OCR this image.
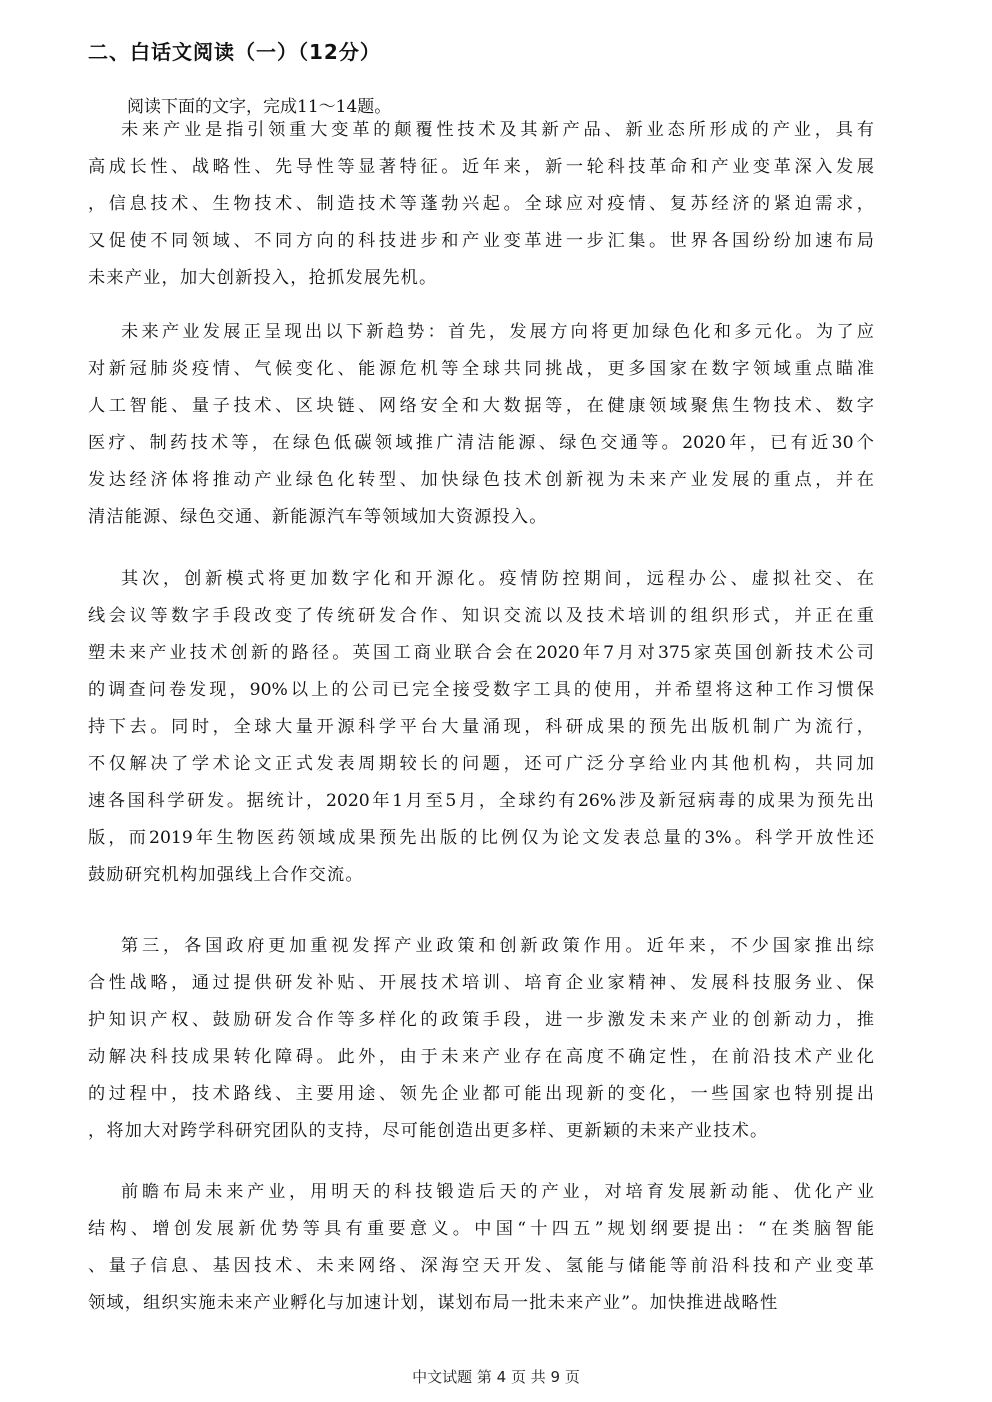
二、白话文阅读（一）（12分）
阅读下面的文字，完成11～14题。
未来产业是指引领重大变革的颠覆性技术及其新产品、新业态所形成的产业，具有
高成长性、战略性、先导性等显著特征。近年来，新一轮科技革命和产业变革深入发展
，信息技术、生物技术、制造技术等蓬勃兴起。全球应对疫情、复苏经济的紧迫需求，
又促使不同领域、不同方向的科技进步和产业变革进一步汇集。世界各国纷纷加速布局
未来产业，加大创新投入，抢抓发展先机。
未来产业发展正呈现出以下新趋势：首先，发展方向将更加绿色化和多元化。为了应
对新冠肺炎疫情、气候变化、能源危机等全球共同挑战，更多国家在数字领域重点瞄准
人工智能、量子技术、区块链、网络安全和大数据等，在健康领域聚焦生物技术、数字
医疗、制药技术等，在绿色低碳领域推广清洁能源、绿色交通等。2020年，已有近30个
发达经济体将推动产业绿色化转型、加快绿色技术创新视为未来产业发展的重点，并在
清洁能源、绿色交通、新能源汽车等领域加大资源投入。
其次，创新模式将更加数字化和开源化。疫情防控期间，远程办公、虚拟社交、在
线会议等数字手段改变了传统研发合作、知识交流以及技术培训的组织形式，并正在重
塑未来产业技术创新的路径。英国工商业联合会在2020年7月对375家英国创新技术公司
的调查问卷发现，90%以上的公司已完全接受数字工具的使用，并希望将这种工作习惯保
持下去。同时，全球大量开源科学平台大量涌现，科研成果的预先出版机制广为流行，
不仅解决了学术论文正式发表周期较长的问题，还可广泛分享给业内其他机构，共同加
速各国科学研发。据统计，2020年1月至5月，全球约有26%涉及新冠病毒的成果为预先出
版，而2019年生物医药领域成果预先出版的比例仅为论文发表总量的3%。科学开放性还
鼓励研究机构加强线上合作交流。
第三，各国政府更加重视发挥产业政策和创新政策作用。近年来，不少国家推出综
合性战略，通过提供研发补贴、开展技术培训、培育企业家精神、发展科技服务业、保
护知识产权、鼓励研发合作等多样化的政策手段，进一步激发未来产业的创新动力，推
动解决科技成果转化障碍。此外，由于未来产业存在高度不确定性，在前沿技术产业化
的过程中，技术路线、主要用途、领先企业都可能出现新的变化，一些国家也特别提出
，将加大对跨学科研究团队的支持，尽可能创造出更多样、更新颖的未来产业技术。
前瞻布局未来产业，用明天的科技锻造后天的产业，对培育发展新动能、优化产业
结构、增创发展新优势等具有重要意义。中国“十四五”规划纲要提出：“在类脑智能
、量子信息、基因技术、未来网络、深海空天开发、氢能与储能等前沿科技和产业变革
领域，组织实施未来产业孵化与加速计划，谋划布局一批未来产业”。加快推进战略性
中文试题 第 4 页 共 9 页
